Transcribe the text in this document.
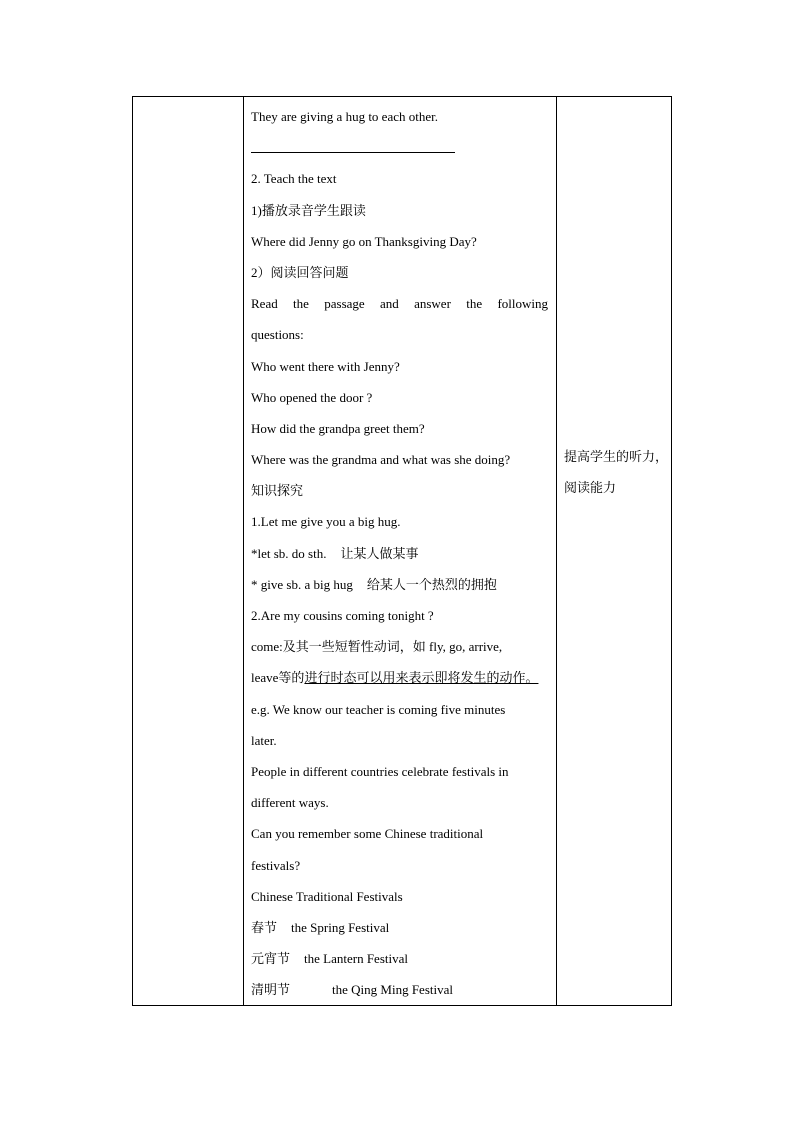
They are giving a hug to each other.
2. Teach the text
1)播放录音学生跟读
Where did Jenny go on Thanksgiving Day?
2）阅读回答问题
Read the passage and answer the following
questions:
Who went there with Jenny?
Who opened the door ?
How did the grandpa greet them?
Where was the grandma and what was she doing?
知识探究
1.Let me give you a big hug.
*let sb. do sth. 让某人做某事
* give sb. a big hug 给某人一个热烈的拥抱
2.Are my cousins coming tonight ?
come:及其一些短暂性动词，如 fly, go, arrive,
leave等的进行时态可以用来表示即将发生的动作。
e.g. We know our teacher is coming five minutes
later.
People in different countries celebrate festivals in
different ways.
Can you remember some Chinese traditional
festivals?
Chinese Traditional Festivals
春节 the Spring Festival
元宵节 the Lantern Festival
清明节	the Qing Ming Festival

提高学生的听力，
阅读能力
